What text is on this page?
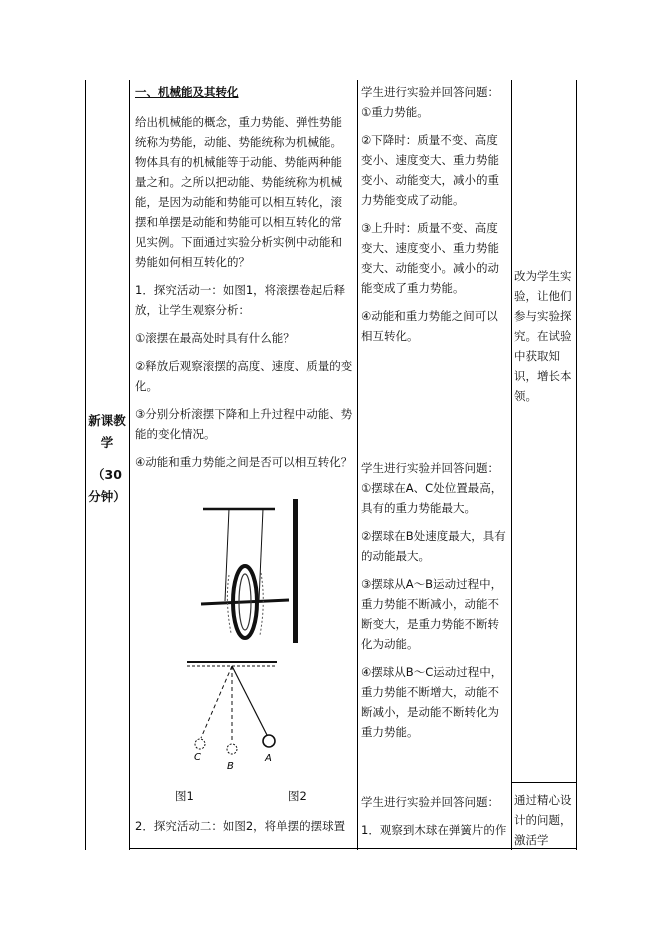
新课教学

（30分钟）

一、机械能及其转化

给出机械能的概念，重力势能、弹性势能统称为势能，动能、势能统称为机械能。物体具有的机械能等于动能、势能两种能量之和。之所以把动能、势能统称为机械能，是因为动能和势能可以相互转化，滚摆和单摆是动能和势能可以相互转化的常见实例。下面通过实验分析实例中动能和势能如何相互转化的？

1．探究活动一：如图1，将滚摆卷起后释放，让学生观察分析：

①滚摆在最高处时具有什么能？

②释放后观察滚摆的高度、速度、质量的变化。

③分别分析滚摆下降和上升过程中动能、势能的变化情况。

④动能和重力势能之间是否可以相互转化？

C
B
A
图1	图2

2．探究活动二：如图2，将单摆的摆球置

学生进行实验并回答问题：

①重力势能。

②下降时：质量不变、高度变小、速度变大、重力势能变小、动能变大，减小的重力势能变成了动能。

③上升时：质量不变、高度变大、速度变小、重力势能变大、动能变小。减小的动能变成了重力势能。

④动能和重力势能之间可以相互转化。

学生进行实验并回答问题：

①摆球在A、C处位置最高，具有的重力势能最大。

②摆球在B处速度最大，具有的动能最大。

③摆球从A～B运动过程中，重力势能不断减小，动能不断变大，是重力势能不断转化为动能。

④摆球从B～C运动过程中，重力势能不断增大，动能不断减小，是动能不断转化为重力势能。

学生进行实验并回答问题：

1．观察到木球在弹簧片的作

改为学生实验，让他们参与实验探究。在试验中获取知识，增长本领。

通过精心设计的问题，激活学
